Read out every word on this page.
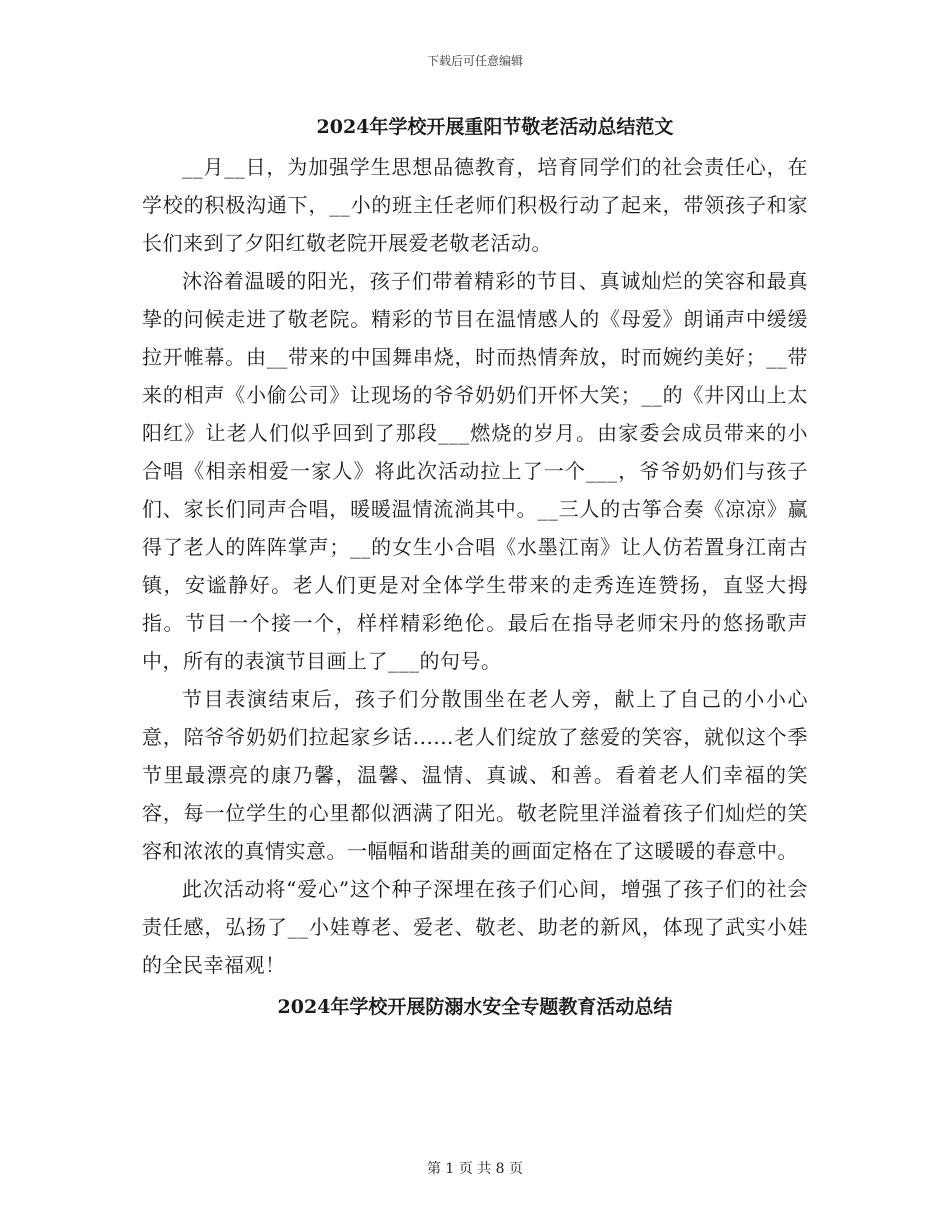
下载后可任意编辑
2024年学校开展重阳节敬老活动总结范文

__月__日，为加强学生思想品德教育，培育同学们的社会责任心，在学校的积极沟通下，__小的班主任老师们积极行动了起来，带领孩子和家长们来到了夕阳红敬老院开展爱老敬老活动。

沐浴着温暖的阳光，孩子们带着精彩的节目、真诚灿烂的笑容和最真挚的问候走进了敬老院。精彩的节目在温情感人的《母爱》朗诵声中缓缓拉开帷幕。由__带来的中国舞串烧，时而热情奔放，时而婉约美好；__带来的相声《小偷公司》让现场的爷爷奶奶们开怀大笑；__的《井冈山上太阳红》让老人们似乎回到了那段___燃烧的岁月。由家委会成员带来的小合唱《相亲相爱一家人》将此次活动拉上了一个___，爷爷奶奶们与孩子们、家长们同声合唱，暖暖温情流淌其中。__三人的古筝合奏《凉凉》赢得了老人的阵阵掌声；__的女生小合唱《水墨江南》让人仿若置身江南古镇，安谧静好。老人们更是对全体学生带来的走秀连连赞扬，直竖大拇指。节目一个接一个，样样精彩绝伦。最后在指导老师宋丹的悠扬歌声中，所有的表演节目画上了___的句号。

节目表演结束后，孩子们分散围坐在老人旁，献上了自己的小小心意，陪爷爷奶奶们拉起家乡话......老人们绽放了慈爱的笑容，就似这个季节里最漂亮的康乃馨，温馨、温情、真诚、和善。看着老人们幸福的笑容，每一位学生的心里都似洒满了阳光。敬老院里洋溢着孩子们灿烂的笑容和浓浓的真情实意。一幅幅和谐甜美的画面定格在了这暖暖的春意中。

此次活动将“爱心”这个种子深埋在孩子们心间，增强了孩子们的社会责任感，弘扬了__小娃尊老、爱老、敬老、助老的新风，体现了武实小娃的全民幸福观！

2024年学校开展防溺水安全专题教育活动总结
第 1 页 共 8 页
